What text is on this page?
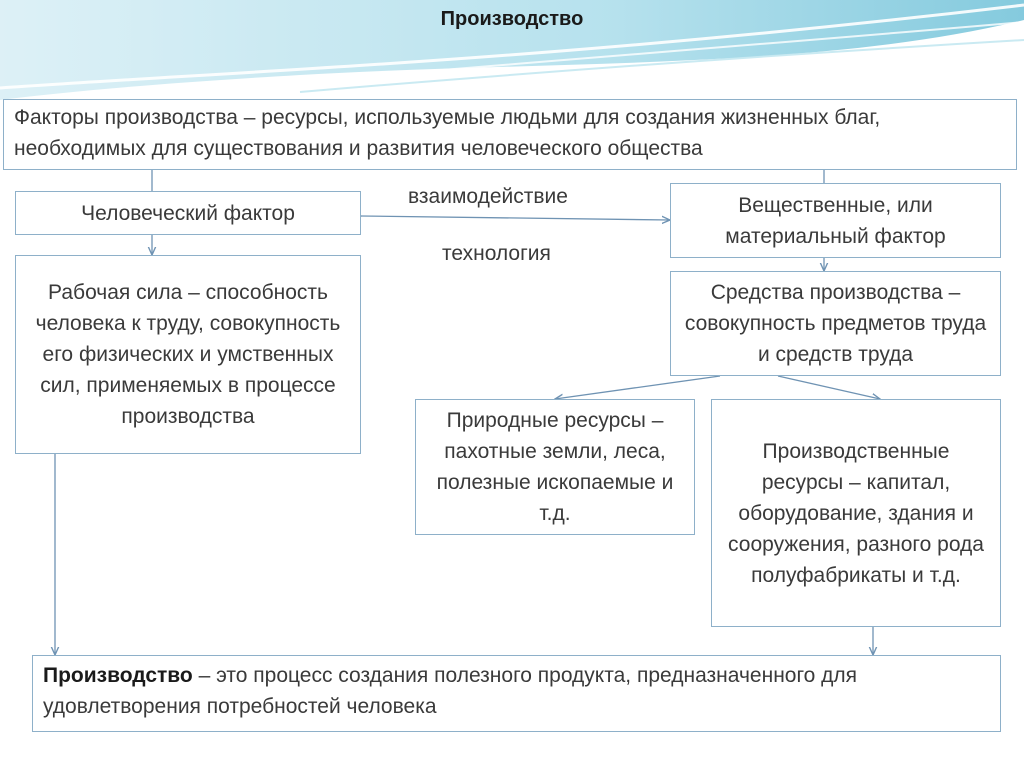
Производство
Факторы производства – ресурсы, используемые людьми для создания жизненных благ, необходимых для существования и развития человеческого общества
Человеческий фактор
взаимодействие
технология
Вещественные, или материальный фактор
Рабочая сила – способность человека к труду, совокупность его физических и умственных сил, применяемых в процессе производства
Средства производства – совокупность предметов труда и средств труда
Природные ресурсы – пахотные земли, леса, полезные ископаемые и т.д.
Производственные ресурсы – капитал, оборудование, здания и сооружения, разного рода полуфабрикаты и т.д.
Производство – это процесс создания полезного продукта, предназначенного для удовлетворения потребностей человека
